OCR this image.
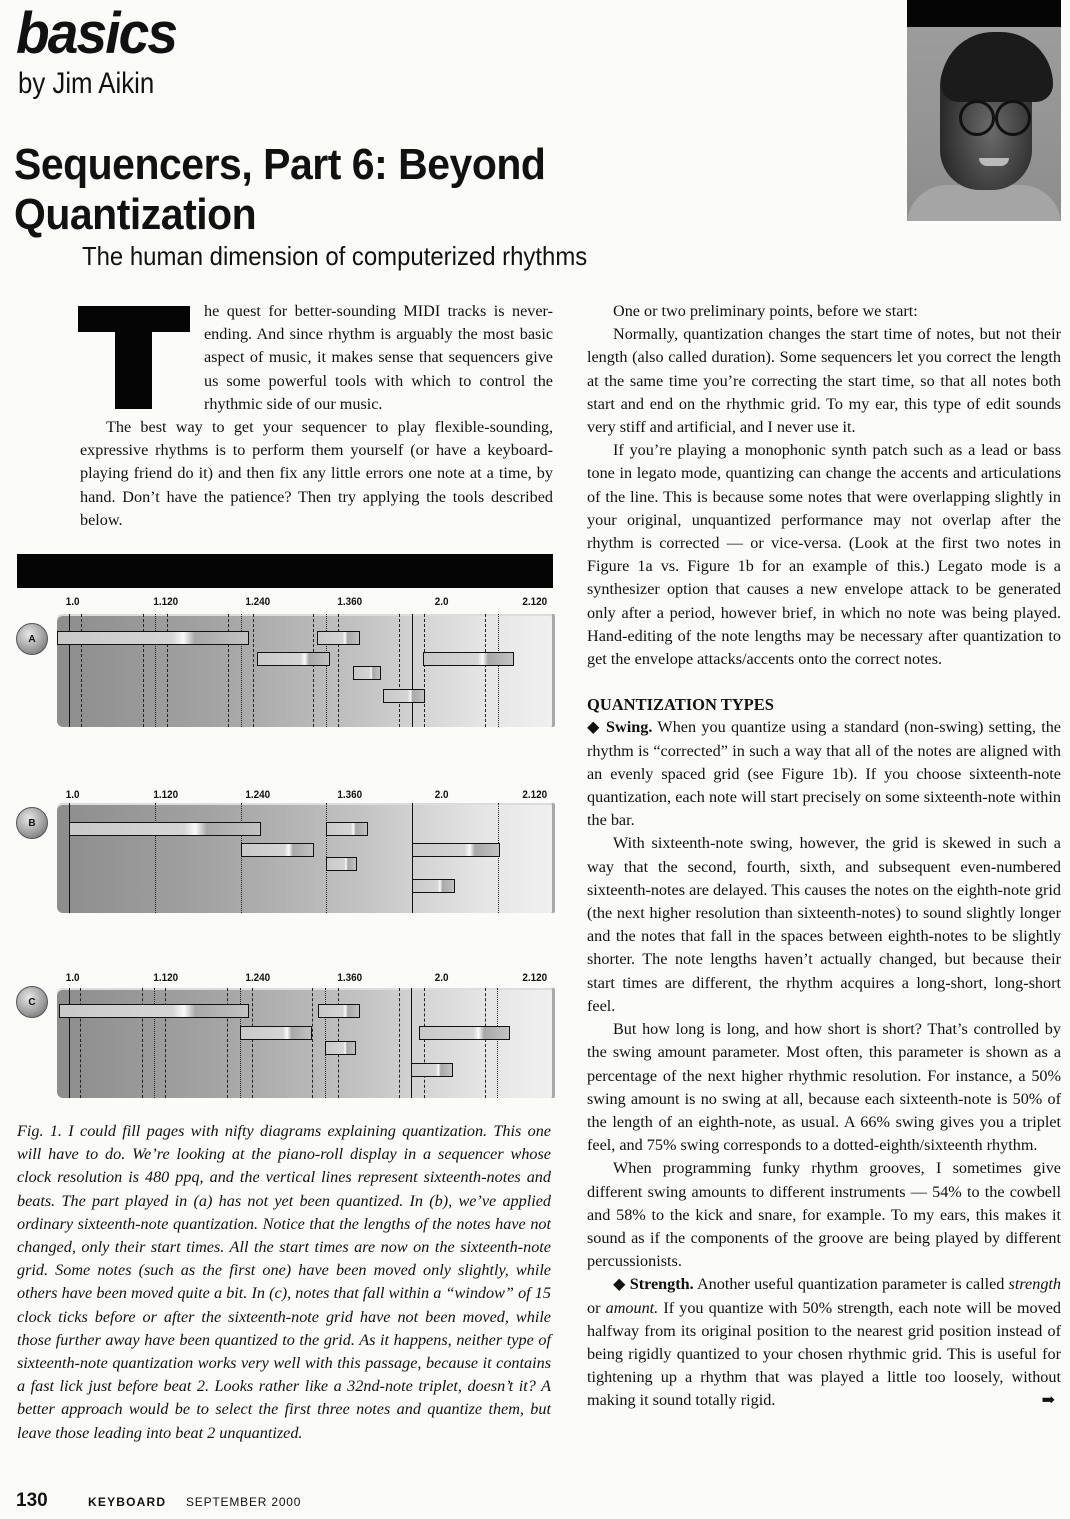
basics
by Jim Aikin
Sequencers, Part 6: Beyond Quantization
The human dimension of computerized rhythms

he quest for better-sounding MIDI tracks is never-ending. And since rhythm is arguably the most basic aspect of music, it makes sense that sequencers give us some powerful tools with which to control the rhythmic side of our music.

The best way to get your sequencer to play flexible-sounding, expressive rhythms is to perform them yourself (or have a keyboard-playing friend do it) and then fix any little errors one note at a time, by hand. Don’t have the patience? Then try applying the tools described below.

1.0	1.120	1.240	1.360	2.0	2.120
A
1.0	1.120	1.240	1.360	2.0	2.120
B
1.0	1.120	1.240	1.360	2.0	2.120
C
Fig. 1. I could fill pages with nifty diagrams explaining quantization. This one will have to do. We’re looking at the piano-roll display in a sequencer whose clock resolution is 480 ppq, and the vertical lines represent sixteenth-notes and beats. The part played in (a) has not yet been quantized. In (b), we’ve applied ordinary sixteenth-note quantization. Notice that the lengths of the notes have not changed, only their start times. All the start times are now on the sixteenth-note grid. Some notes (such as the first one) have been moved only slightly, while others have been moved quite a bit. In (c), notes that fall within a “window” of 15 clock ticks before or after the sixteenth-note grid have not been moved, while those further away have been quantized to the grid. As it happens, neither type of sixteenth-note quantization works very well with this passage, because it contains a fast lick just before beat 2. Looks rather like a 32nd-note triplet, doesn’t it? A better approach would be to select the first three notes and quantize them, but leave those leading into beat 2 unquantized.

One or two preliminary points, before we start:

Normally, quantization changes the start time of notes, but not their length (also called duration). Some sequencers let you correct the length at the same time you’re correcting the start time, so that all notes both start and end on the rhythmic grid. To my ear, this type of edit sounds very stiff and artificial, and I never use it.

If you’re playing a monophonic synth patch such as a lead or bass tone in legato mode, quantizing can change the accents and articulations of the line. This is because some notes that were overlapping slightly in your original, unquantized performance may not overlap after the rhythm is corrected — or vice-versa. (Look at the first two notes in Figure 1a vs. Figure 1b for an example of this.) Legato mode is a synthesizer option that causes a new envelope attack to be generated only after a period, however brief, in which no note was being played. Hand-editing of the note lengths may be necessary after quantization to get the envelope attacks/accents onto the correct notes.

QUANTIZATION TYPES

◆ Swing. When you quantize using a standard (non-swing) setting, the rhythm is “corrected” in such a way that all of the notes are aligned with an evenly spaced grid (see Figure 1b). If you choose sixteenth-note quantization, each note will start precisely on some sixteenth-note within the bar.

With sixteenth-note swing, however, the grid is skewed in such a way that the second, fourth, sixth, and subsequent even-numbered sixteenth-notes are delayed. This causes the notes on the eighth-note grid (the next higher resolution than sixteenth-notes) to sound slightly longer and the notes that fall in the spaces between eighth-notes to be slightly shorter. The note lengths haven’t actually changed, but because their start times are different, the rhythm acquires a long-short, long-short feel.

But how long is long, and how short is short? That’s controlled by the swing amount parameter. Most often, this parameter is shown as a percentage of the next higher rhythmic resolution. For instance, a 50% swing amount is no swing at all, because each sixteenth-note is 50% of the length of an eighth-note, as usual. A 66% swing gives you a triplet feel, and 75% swing corresponds to a dotted-eighth/sixteenth rhythm.

When programming funky rhythm grooves, I sometimes give different swing amounts to different instruments — 54% to the cowbell and 58% to the kick and snare, for example. To my ears, this makes it sound as if the components of the groove are being played by different percussionists.

◆ Strength. Another useful quantization parameter is called strength or amount. If you quantize with 50% strength, each note will be moved halfway from its original position to the nearest grid position instead of being rigidly quantized to your chosen rhythmic grid. This is useful for tightening up a rhythm that was played a little too loosely, without making it sound totally rigid.	➡

130	KEYBOARD SEPTEMBER 2000
